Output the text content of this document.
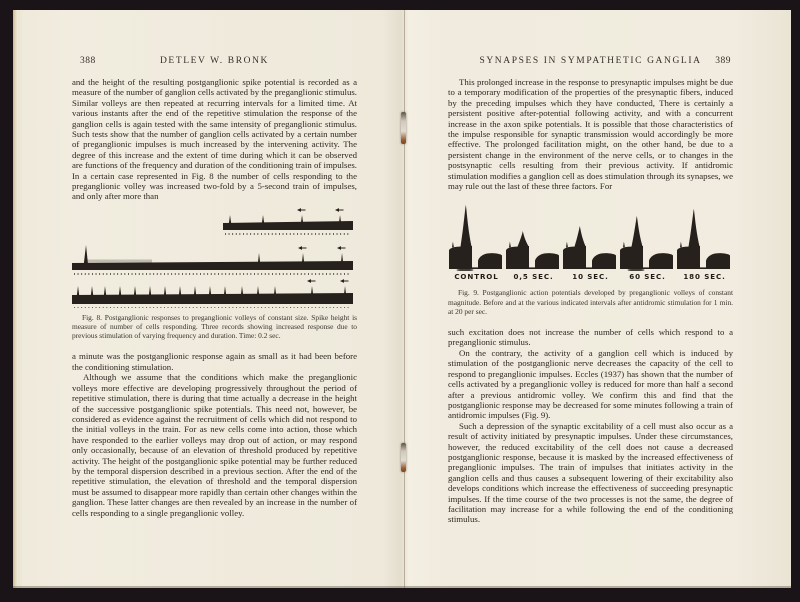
388	DETLEV W. BRONK

and the height of the resulting postganglionic spike potential is recorded as a measure of the number of ganglion cells activated by the preganglionic stimulus. Similar volleys are then repeated at recurring intervals for a limited time. At various instants after the end of the repetitive stimulation the response of the ganglion cells is again tested with the same intensity of preganglionic stimulus. Such tests show that the number of ganglion cells activated by a certain number of preganglionic impulses is much increased by the intervening activity. The degree of this increase and the extent of time during which it can be observed are functions of the frequency and duration of the conditioning train of impulses. In a certain case represented in Fig. 8 the number of cells responding to the preganglionic volley was increased two-fold by a 5-second train of impulses, and only after more than

Fig. 8. Postganglionic responses to preganglionic volleys of constant size. Spike height is measure of number of cells responding. Three records showing increased response due to previous stimulation of varying frequency and duration. Time: 0.2 sec.

a minute was the postganglionic response again as small as it had been before the conditioning stimulation.

Although we assume that the conditions which make the preganglionic volleys more effective are developing progressively throughout the period of repetitive stimulation, there is during that time actually a decrease in the height of the successive postganglionic spike potentials. This need not, however, be considered as evidence against the recruitment of cells which did not respond to the initial volleys in the train. For as new cells come into action, those which have responded to the earlier volleys may drop out of action, or may respond only occasionally, because of an elevation of threshold produced by repetitive activity. The height of the postganglionic spike potential may be further reduced by the temporal dispersion described in a previous section. After the end of the repetitive stimulation, the elevation of threshold and the temporal dispersion must be assumed to disappear more rapidly than certain other changes within the ganglion. These latter changes are then revealed by an increase in the number of cells responding to a single preganglionic volley.

SYNAPSES IN SYMPATHETIC GANGLIA	389

This prolonged increase in the response to presynaptic impulses might be due to a temporary modification of the properties of the presynaptic fibers, induced by the preceding impulses which they have conducted, There is certainly a persistent positive after-potential following activity, and with a concurrent increase in the axon spike potentials. It is possible that those characteristics of the impulse responsible for synaptic transmission would accordingly be more effective. The prolonged facilitation might, on the other hand, be due to a persistent change in the environment of the nerve cells, or to changes in the postsynaptic cells resulting from their previous activity. If antidromic stimulation modifies a ganglion cell as does stimulation through its synapses, we may rule out the last of these three factors. For

CONTROL	0,5 SEC.	10 SEC.	60 SEC.	180 SEC.

Fig. 9. Postganglionic action potentials developed by preganglionic volleys of constant magnitude. Before and at the various indicated intervals after antidromic stimulation for 1 min. at 20 per sec.

such excitation does not increase the number of cells which respond to a preganglionic stimulus.

On the contrary, the activity of a ganglion cell which is induced by stimulation of the postganglionic nerve decreases the capacity of the cell to respond to preganglionic impulses. Eccles (1937) has shown that the number of cells activated by a preganglionic volley is reduced for more than half a second after a previous antidromic volley. We confirm this and find that the postganglionic response may be decreased for some minutes following a train of antidromic impulses (Fig. 9).

Such a depression of the synaptic excitability of a cell must also occur as a result of activity initiated by presynaptic impulses. Under these circumstances, however, the reduced excitability of the cell does not cause a decreased postganglionic response, because it is masked by the increased effectiveness of preganglionic impulses. The train of impulses that initiates activity in the ganglion cells and thus causes a subsequent lowering of their excitability also develops conditions which increase the effectiveness of succeeding presynaptic impulses. If the time course of the two processes is not the same, the degree of facilitation may increase for a while following the end of the conditioning stimulus.
